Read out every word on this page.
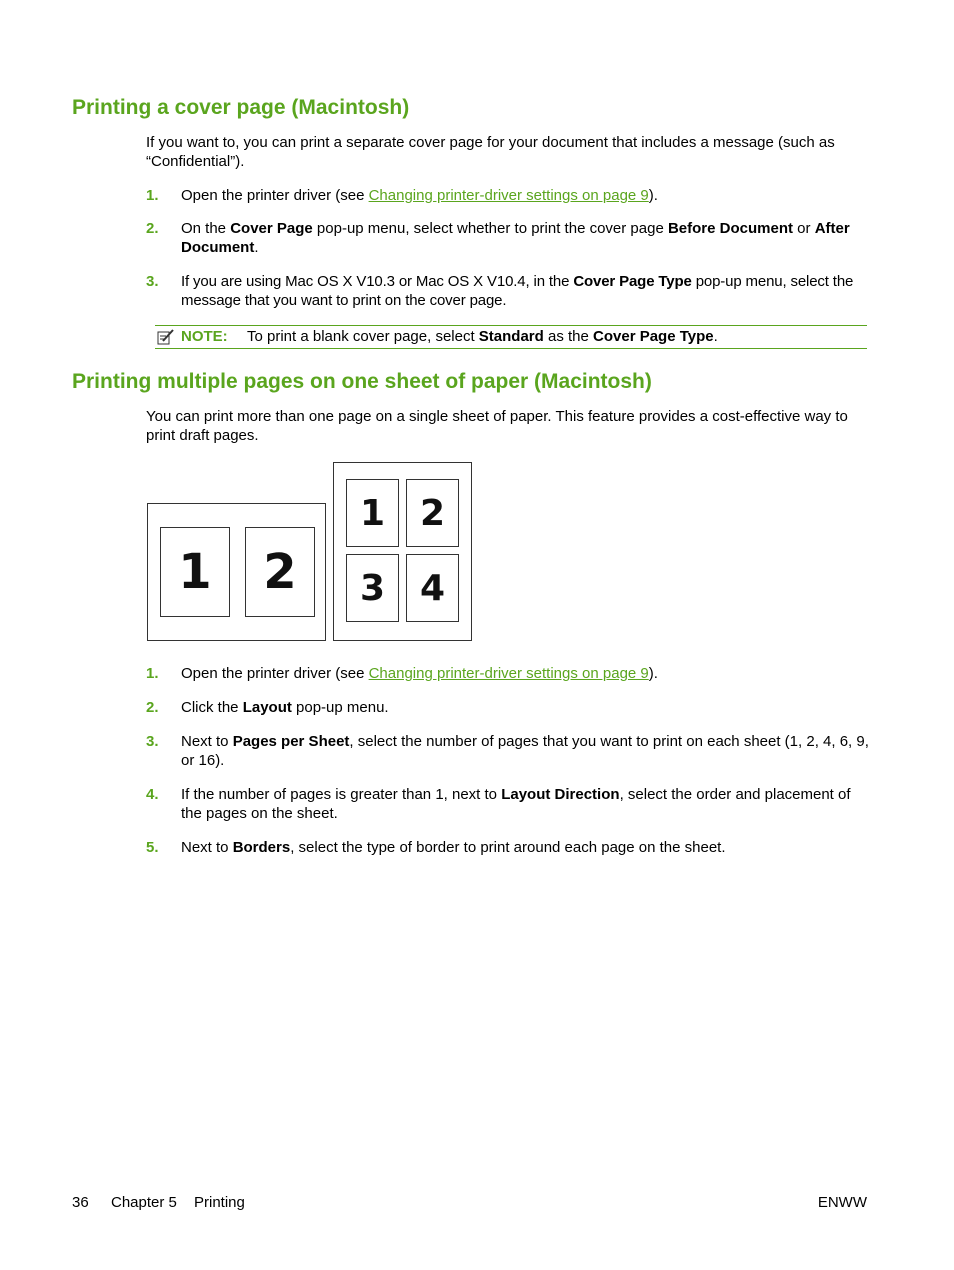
Printing a cover page (Macintosh)

If you want to, you can print a separate cover page for your document that includes a message (such as “Confidential”).

1.	Open the printer driver (see Changing printer-driver settings on page 9).
2.	On the Cover Page pop-up menu, select whether to print the cover page Before Document or After Document.
3.	If you are using Mac OS X V10.3 or Mac OS X V10.4, in the Cover Page Type pop-up menu, select the message that you want to print on the cover page.
NOTE: To print a blank cover page, select Standard as the Cover Page Type.
Printing multiple pages on one sheet of paper (Macintosh)

You can print more than one page on a single sheet of paper. This feature provides a cost-effective way to print draft pages.

1	2
1 2
3 4
1.	Open the printer driver (see Changing printer-driver settings on page 9).
2.	Click the Layout pop-up menu.
3.	Next to Pages per Sheet, select the number of pages that you want to print on each sheet (1, 2, 4, 6, 9, or 16).
4.	If the number of pages is greater than 1, next to Layout Direction, select the order and placement of the pages on the sheet.
5.	Next to Borders, select the type of border to print around each page on the sheet.
36 Chapter 5 Printing	ENWW
